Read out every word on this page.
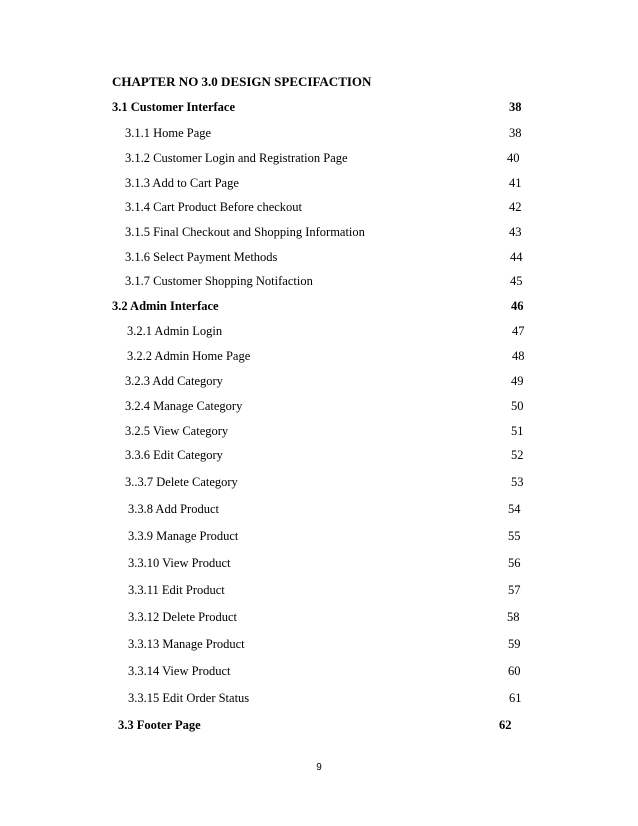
CHAPTER NO 3.0 DESIGN SPECIFACTION
3.1 Customer Interface	38
3.1.1 Home Page	38
3.1.2 Customer Login and Registration Page	40
3.1.3 Add to Cart Page	41
3.1.4 Cart Product Before checkout	42
3.1.5 Final Checkout and Shopping Information	43
3.1.6 Select Payment Methods	44
3.1.7 Customer Shopping Notifaction	45
3.2 Admin Interface	46
3.2.1 Admin Login	47
3.2.2 Admin Home Page	48
3.2.3 Add Category	49
3.2.4 Manage Category	50
3.2.5 View Category	51
3.3.6 Edit Category	52
3..3.7 Delete Category	53
3.3.8 Add Product	54
3.3.9 Manage Product	55
3.3.10 View Product	56
3.3.11 Edit Product	57
3.3.12 Delete Product	58
3.3.13 Manage Product	59
3.3.14 View Product	60
3.3.15 Edit Order Status	61
3.3 Footer Page	62
9
